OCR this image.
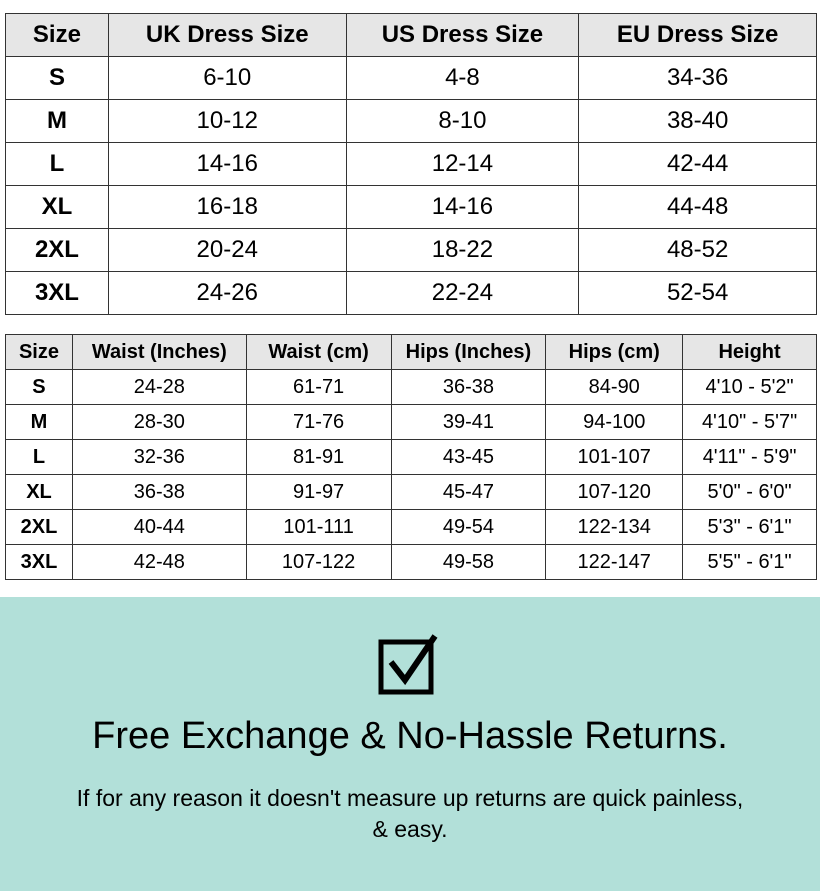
Size	UK Dress Size	US Dress Size	EU Dress Size
S	6-10	4-8	34-36
M	10-12	8-10	38-40
L	14-16	12-14	42-44
XL	16-18	14-16	44-48
2XL	20-24	18-22	48-52
3XL	24-26	22-24	52-54
Size	Waist (Inches)	Waist (cm)	Hips (Inches)	Hips (cm)	Height
S	24-28	61-71	36-38	84-90	4'10 - 5'2"
M	28-30	71-76	39-41	94-100	4'10" - 5'7"
L	32-36	81-91	43-45	101-107	4'11" - 5'9"
XL	36-38	91-97	45-47	107-120	5'0" - 6'0"
2XL	40-44	101-111	49-54	122-134	5'3" - 6'1"
3XL	42-48	107-122	49-58	122-147	5'5" - 6'1"
Free Exchange & No-Hassle Returns.
If for any reason it doesn't measure up returns are quick painless, & easy.
